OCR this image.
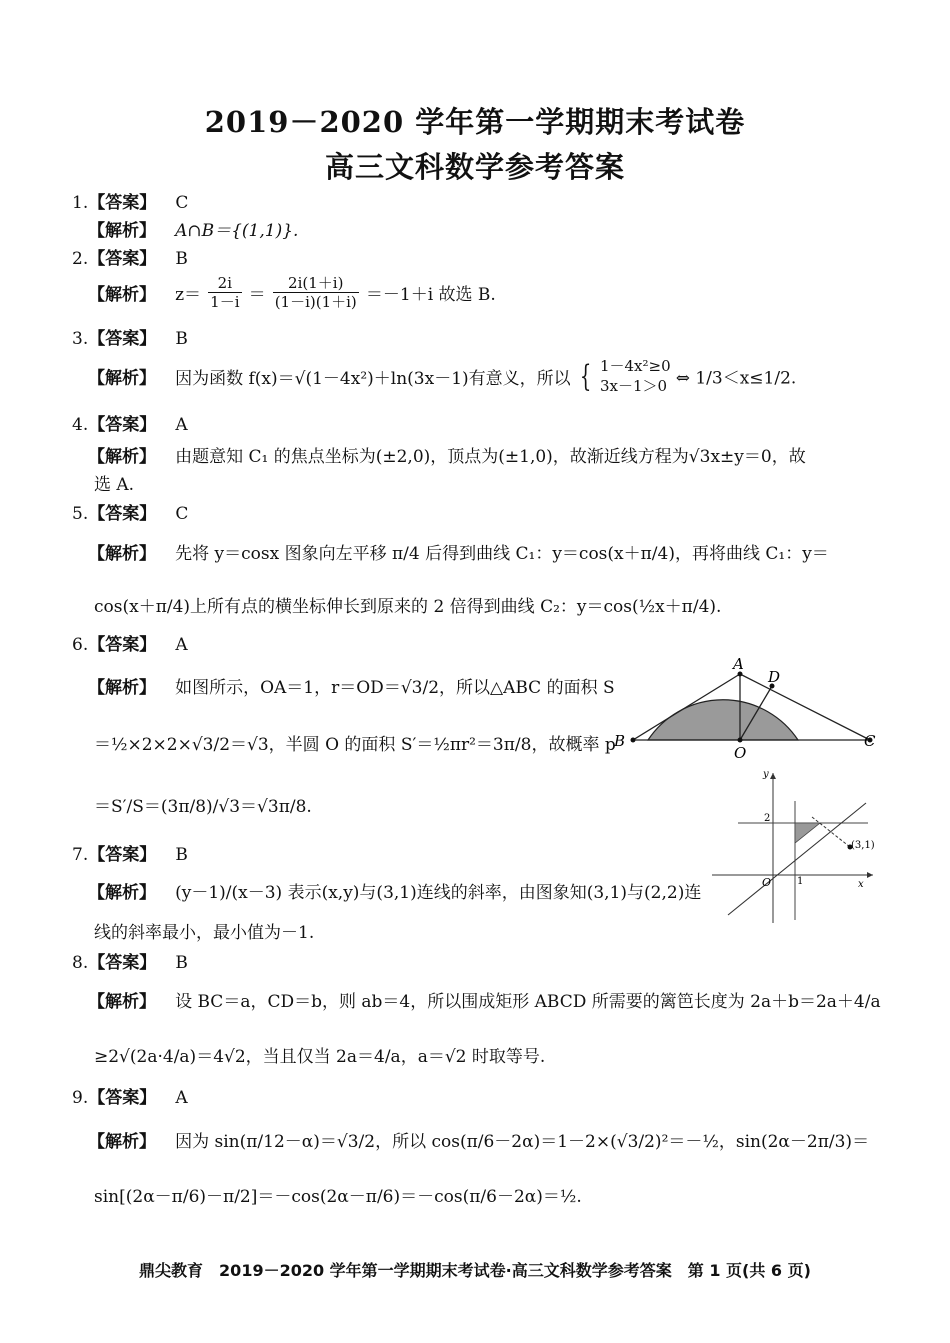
2019－2020 学年第一学期期末考试卷
高三文科数学参考答案
1.【答案】 C
【解析】 A∩B＝{(1,1)}.
2.【答案】 B
【解析】 $z= \frac{2i}{1-i} = \frac{2i(1+i)}{(1-i)(1+i)} =-1+i$ 故选 B.
3.【答案】 B
【解析】 因为函数 f(x)＝√(1－4x²)＋ln(3x－1)有意义，所以 { 1－4x²≥0
3x－1＞0 ⇔ 1/3＜x≤1/2.
4.【答案】 A
【解析】 由题意知 C₁ 的焦点坐标为(±2,0)，顶点为(±1,0)，故渐近线方程为√3x±y＝0，故
选 A.
5.【答案】 C
【解析】 先将 y＝cosx 图象向左平移 π/4 后得到曲线 C₁：y＝cos(x＋π/4)，再将曲线 C₁：y＝
cos(x＋π/4)上所有点的横坐标伸长到原来的 2 倍得到曲线 C₂：y＝cos(½x＋π/4).
6.【答案】 A
【解析】 如图所示，OA＝1，r＝OD＝√3/2，所以△ABC 的面积 S
＝½×2×2×√3/2＝√3，半圆 O 的面积 S′＝½πr²＝3π/8，故概率 p
＝S′/S＝(3π/8)/√3＝√3π/8.
A
B	C
D
O
7.【答案】 B
【解析】 (y－1)/(x－3) 表示(x,y)与(3,1)连线的斜率，由图象知(3,1)与(2,2)连
线的斜率最小，最小值为－1.
y
x
O
2
1
(3,1)
8.【答案】 B
【解析】 设 BC＝a，CD＝b，则 ab＝4，所以围成矩形 ABCD 所需要的篱笆长度为 2a＋b＝2a＋4/a
≥2√(2a·4/a)＝4√2，当且仅当 2a＝4/a，a＝√2 时取等号.
9.【答案】 A
【解析】 因为 sin(π/12－α)＝√3/2，所以 cos(π/6－2α)＝1－2×(√3/2)²＝－½，sin(2α－2π/3)＝
sin[(2α－π/6)－π/2]＝－cos(2α－π/6)＝－cos(π/6－2α)＝½.
鼎尖教育　2019－2020 学年第一学期期末考试卷·高三文科数学参考答案　第 1 页(共 6 页)
